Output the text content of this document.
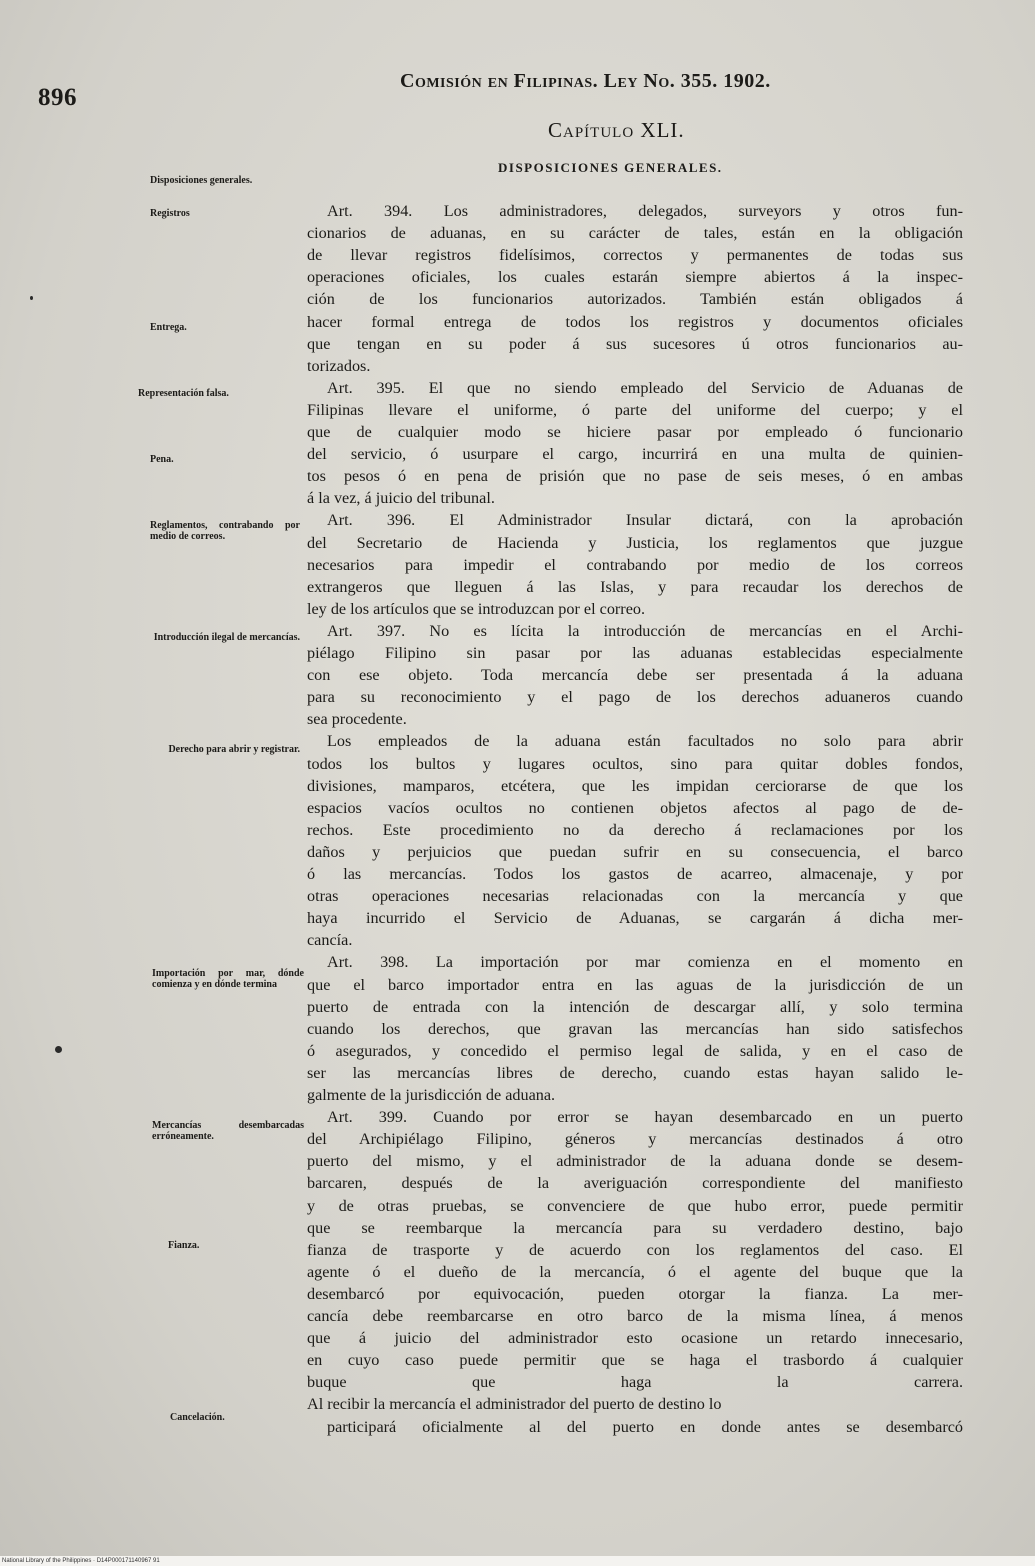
896
Comisión en Filipinas. Ley No. 355. 1902.
Capítulo XLI.
DISPOSICIONES GENERALES.
Disposiciones generales.
Registros
Entrega.
Representación falsa.
Pena.
Reglamentos, contrabando por medio de correos.
Introducción ilegal de mercancías.
Derecho para abrir y registrar.
Importación por mar, dónde comienza y en dónde termina
Mercancías desembarcadas erróneamente.
Fianza.
Cancelación.
Art. 394. Los administradores, delegados, surveyors y otros fun-
cionarios de aduanas, en su carácter de tales, están en la obligación
de llevar registros fidelísimos, correctos y permanentes de todas sus
operaciones oficiales, los cuales estarán siempre abiertos á la inspec-
ción de los funcionarios autorizados. También están obligados á
hacer formal entrega de todos los registros y documentos oficiales
que tengan en su poder á sus sucesores ú otros funcionarios au-
torizados.
Art. 395. El que no siendo empleado del Servicio de Aduanas de
Filipinas llevare el uniforme, ó parte del uniforme del cuerpo; y el
que de cualquier modo se hiciere pasar por empleado ó funcionario
del servicio, ó usurpare el cargo, incurrirá en una multa de quinien-
tos pesos ó en pena de prisión que no pase de seis meses, ó en ambas
á la vez, á juicio del tribunal.
Art. 396. El Administrador Insular dictará, con la aprobación
del Secretario de Hacienda y Justicia, los reglamentos que juzgue
necesarios para impedir el contrabando por medio de los correos
extrangeros que lleguen á las Islas, y para recaudar los derechos de
ley de los artículos que se introduzcan por el correo.
Art. 397. No es lícita la introducción de mercancías en el Archi-
piélago Filipino sin pasar por las aduanas establecidas especialmente
con ese objeto. Toda mercancía debe ser presentada á la aduana
para su reconocimiento y el pago de los derechos aduaneros cuando
sea procedente.
Los empleados de la aduana están facultados no solo para abrir
todos los bultos y lugares ocultos, sino para quitar dobles fondos,
divisiones, mamparos, etcétera, que les impidan cerciorarse de que los
espacios vacíos ocultos no contienen objetos afectos al pago de de-
rechos. Este procedimiento no da derecho á reclamaciones por los
daños y perjuicios que puedan sufrir en su consecuencia, el barco
ó las mercancías. Todos los gastos de acarreo, almacenaje, y por
otras operaciones necesarias relacionadas con la mercancía y que
haya incurrido el Servicio de Aduanas, se cargarán á dicha mer-
cancía.
Art. 398. La importación por mar comienza en el momento en
que el barco importador entra en las aguas de la jurisdicción de un
puerto de entrada con la intención de descargar allí, y solo termina
cuando los derechos, que gravan las mercancías han sido satisfechos
ó asegurados, y concedido el permiso legal de salida, y en el caso de
ser las mercancías libres de derecho, cuando estas hayan salido le-
galmente de la jurisdicción de aduana.
Art. 399. Cuando por error se hayan desembarcado en un puerto
del Archipiélago Filipino, géneros y mercancías destinados á otro
puerto del mismo, y el administrador de la aduana donde se desem-
barcaren, después de la averiguación correspondiente del manifiesto
y de otras pruebas, se convenciere de que hubo error, puede permitir
que se reembarque la mercancía para su verdadero destino, bajo
fianza de trasporte y de acuerdo con los reglamentos del caso. El
agente ó el dueño de la mercancía, ó el agente del buque que la
desembarcó por equivocación, pueden otorgar la fianza. La mer-
cancía debe reembarcarse en otro barco de la misma línea, á menos
que á juicio del administrador esto ocasione un retardo innecesario,
en cuyo caso puede permitir que se haga el trasbordo á cualquier
buque que haga la carrera.
Al recibir la mercancía el administrador del puerto de destino lo
participará oficialmente al del puerto en donde antes se desembarcó
National Library of the Philippines · D14P000171140967 91
